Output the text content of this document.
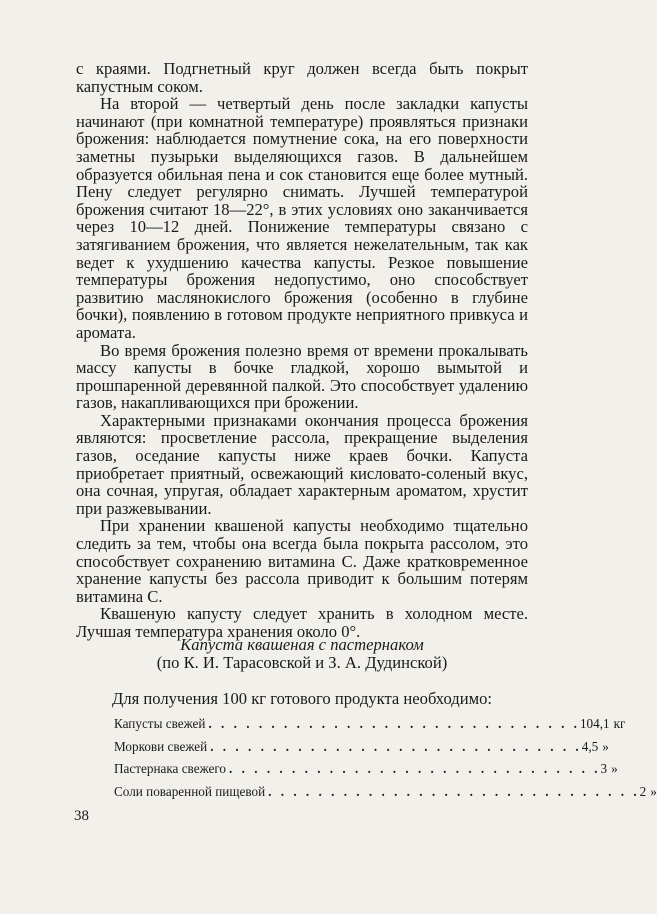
с краями. Подгнетный круг должен всегда быть покрыт капустным соком.

На второй — четвертый день после закладки капусты начинают (при комнатной температуре) проявляться признаки брожения: наблюдается помутнение сока, на его поверхности заметны пузырьки выделяющихся газов. В дальнейшем образуется обильная пена и сок становится еще более мутный. Пену следует регулярно снимать. Лучшей температурой брожения считают 18—22°, в этих условиях оно заканчивается через 10—12 дней. Понижение температуры связано с затягиванием брожения, что является нежелательным, так как ведет к ухудшению качества капусты. Резкое повышение температуры брожения недопустимо, оно способствует развитию маслянокислого брожения (особенно в глубине бочки), появлению в готовом продукте неприятного привкуса и аромата.

Во время брожения полезно время от времени прокалывать массу капусты в бочке гладкой, хорошо вымытой и прошпаренной деревянной палкой. Это способствует удалению газов, накапливающихся при брожении.

Характерными признаками окончания процесса брожения являются: просветление рассола, прекращение выделения газов, оседание капусты ниже краев бочки. Капуста приобретает приятный, освежающий кисловато-соленый вкус, она сочная, упругая, обладает характерным ароматом, хрустит при разжевывании.

При хранении квашеной капусты необходимо тщательно следить за тем, чтобы она всегда была покрыта рассолом, это способствует сохранению витамина С. Даже кратковременное хранение капусты без рассола приводит к большим потерям витамина С.

Квашеную капусту следует хранить в холодном месте. Лучшая температура хранения около 0°.

Капуста квашеная с пастернаком
(по К. И. Тарасовской и З. А. Дудинской)
Для получения 100 кг готового продукта необходимо:
Капусты свежей . . . . . . . . . . . . . . . . . . . . . . . . . . . . . . 104,1 кг
Моркови свежей . . . . . . . . . . . . . . . . . . . . . . . . . . . . . . 4,5 »
Пастернака свежего . . . . . . . . . . . . . . . . . . . . . . . . . . . . . . 3 »
Соли поваренной пищевой . . . . . . . . . . . . . . . . . . . . . . . . . . . . . . 2 »
38
